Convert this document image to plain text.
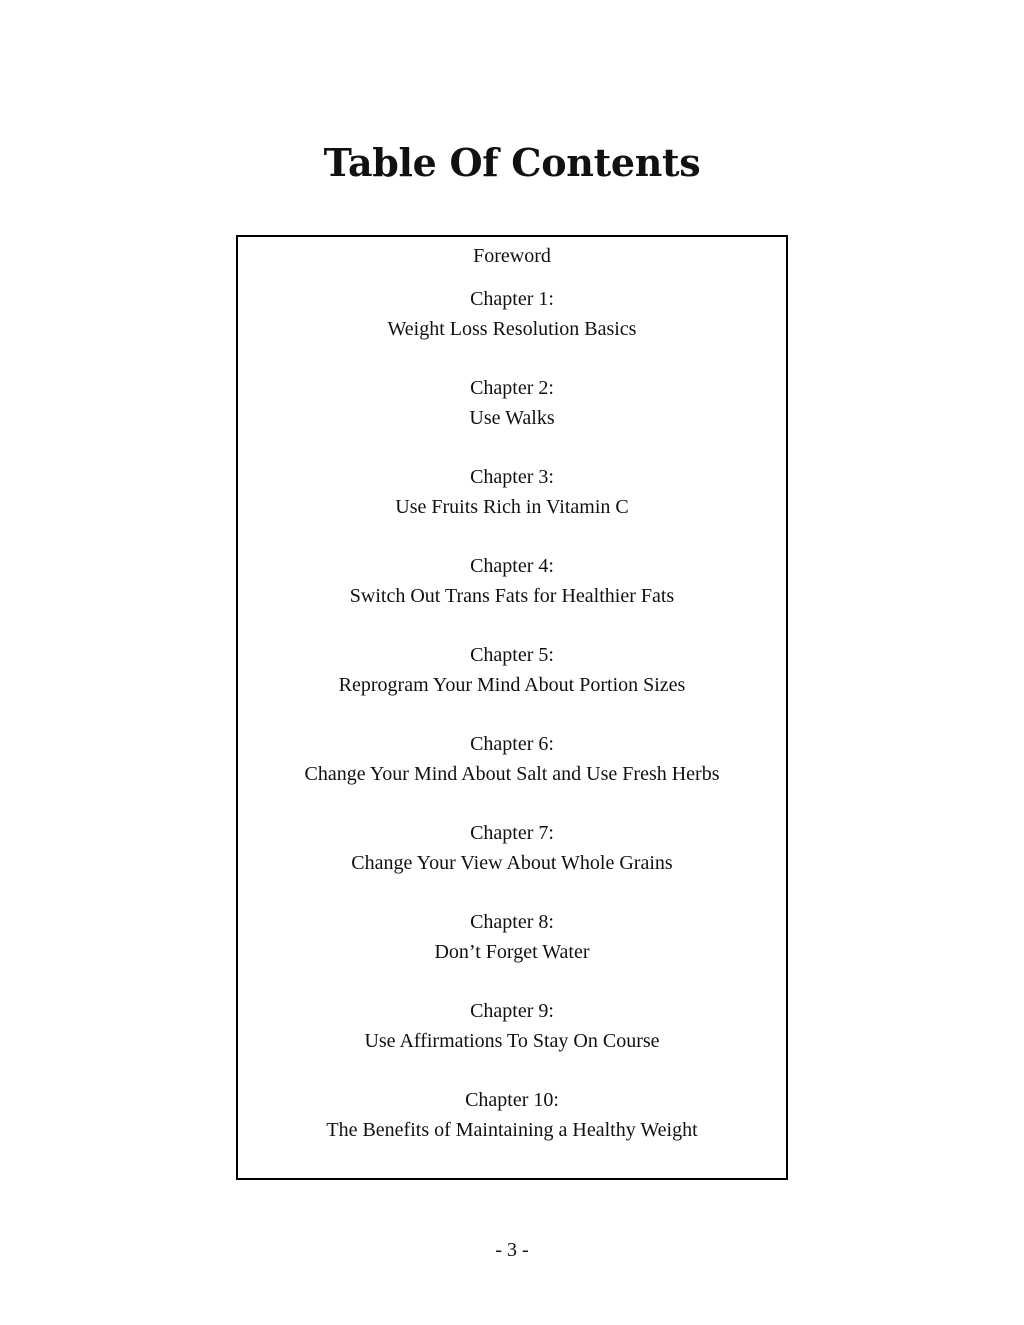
Table Of Contents
Foreword
Chapter 1:
Weight Loss Resolution Basics
Chapter 2:
Use Walks
Chapter 3:
Use Fruits Rich in Vitamin C
Chapter 4:
Switch Out Trans Fats for Healthier Fats
Chapter 5:
Reprogram Your Mind About Portion Sizes
Chapter 6:
Change Your Mind About Salt and Use Fresh Herbs
Chapter 7:
Change Your View About Whole Grains
Chapter 8:
Don’t Forget Water
Chapter 9:
Use Affirmations To Stay On Course
Chapter 10:
The Benefits of Maintaining a Healthy Weight
- 3 -
